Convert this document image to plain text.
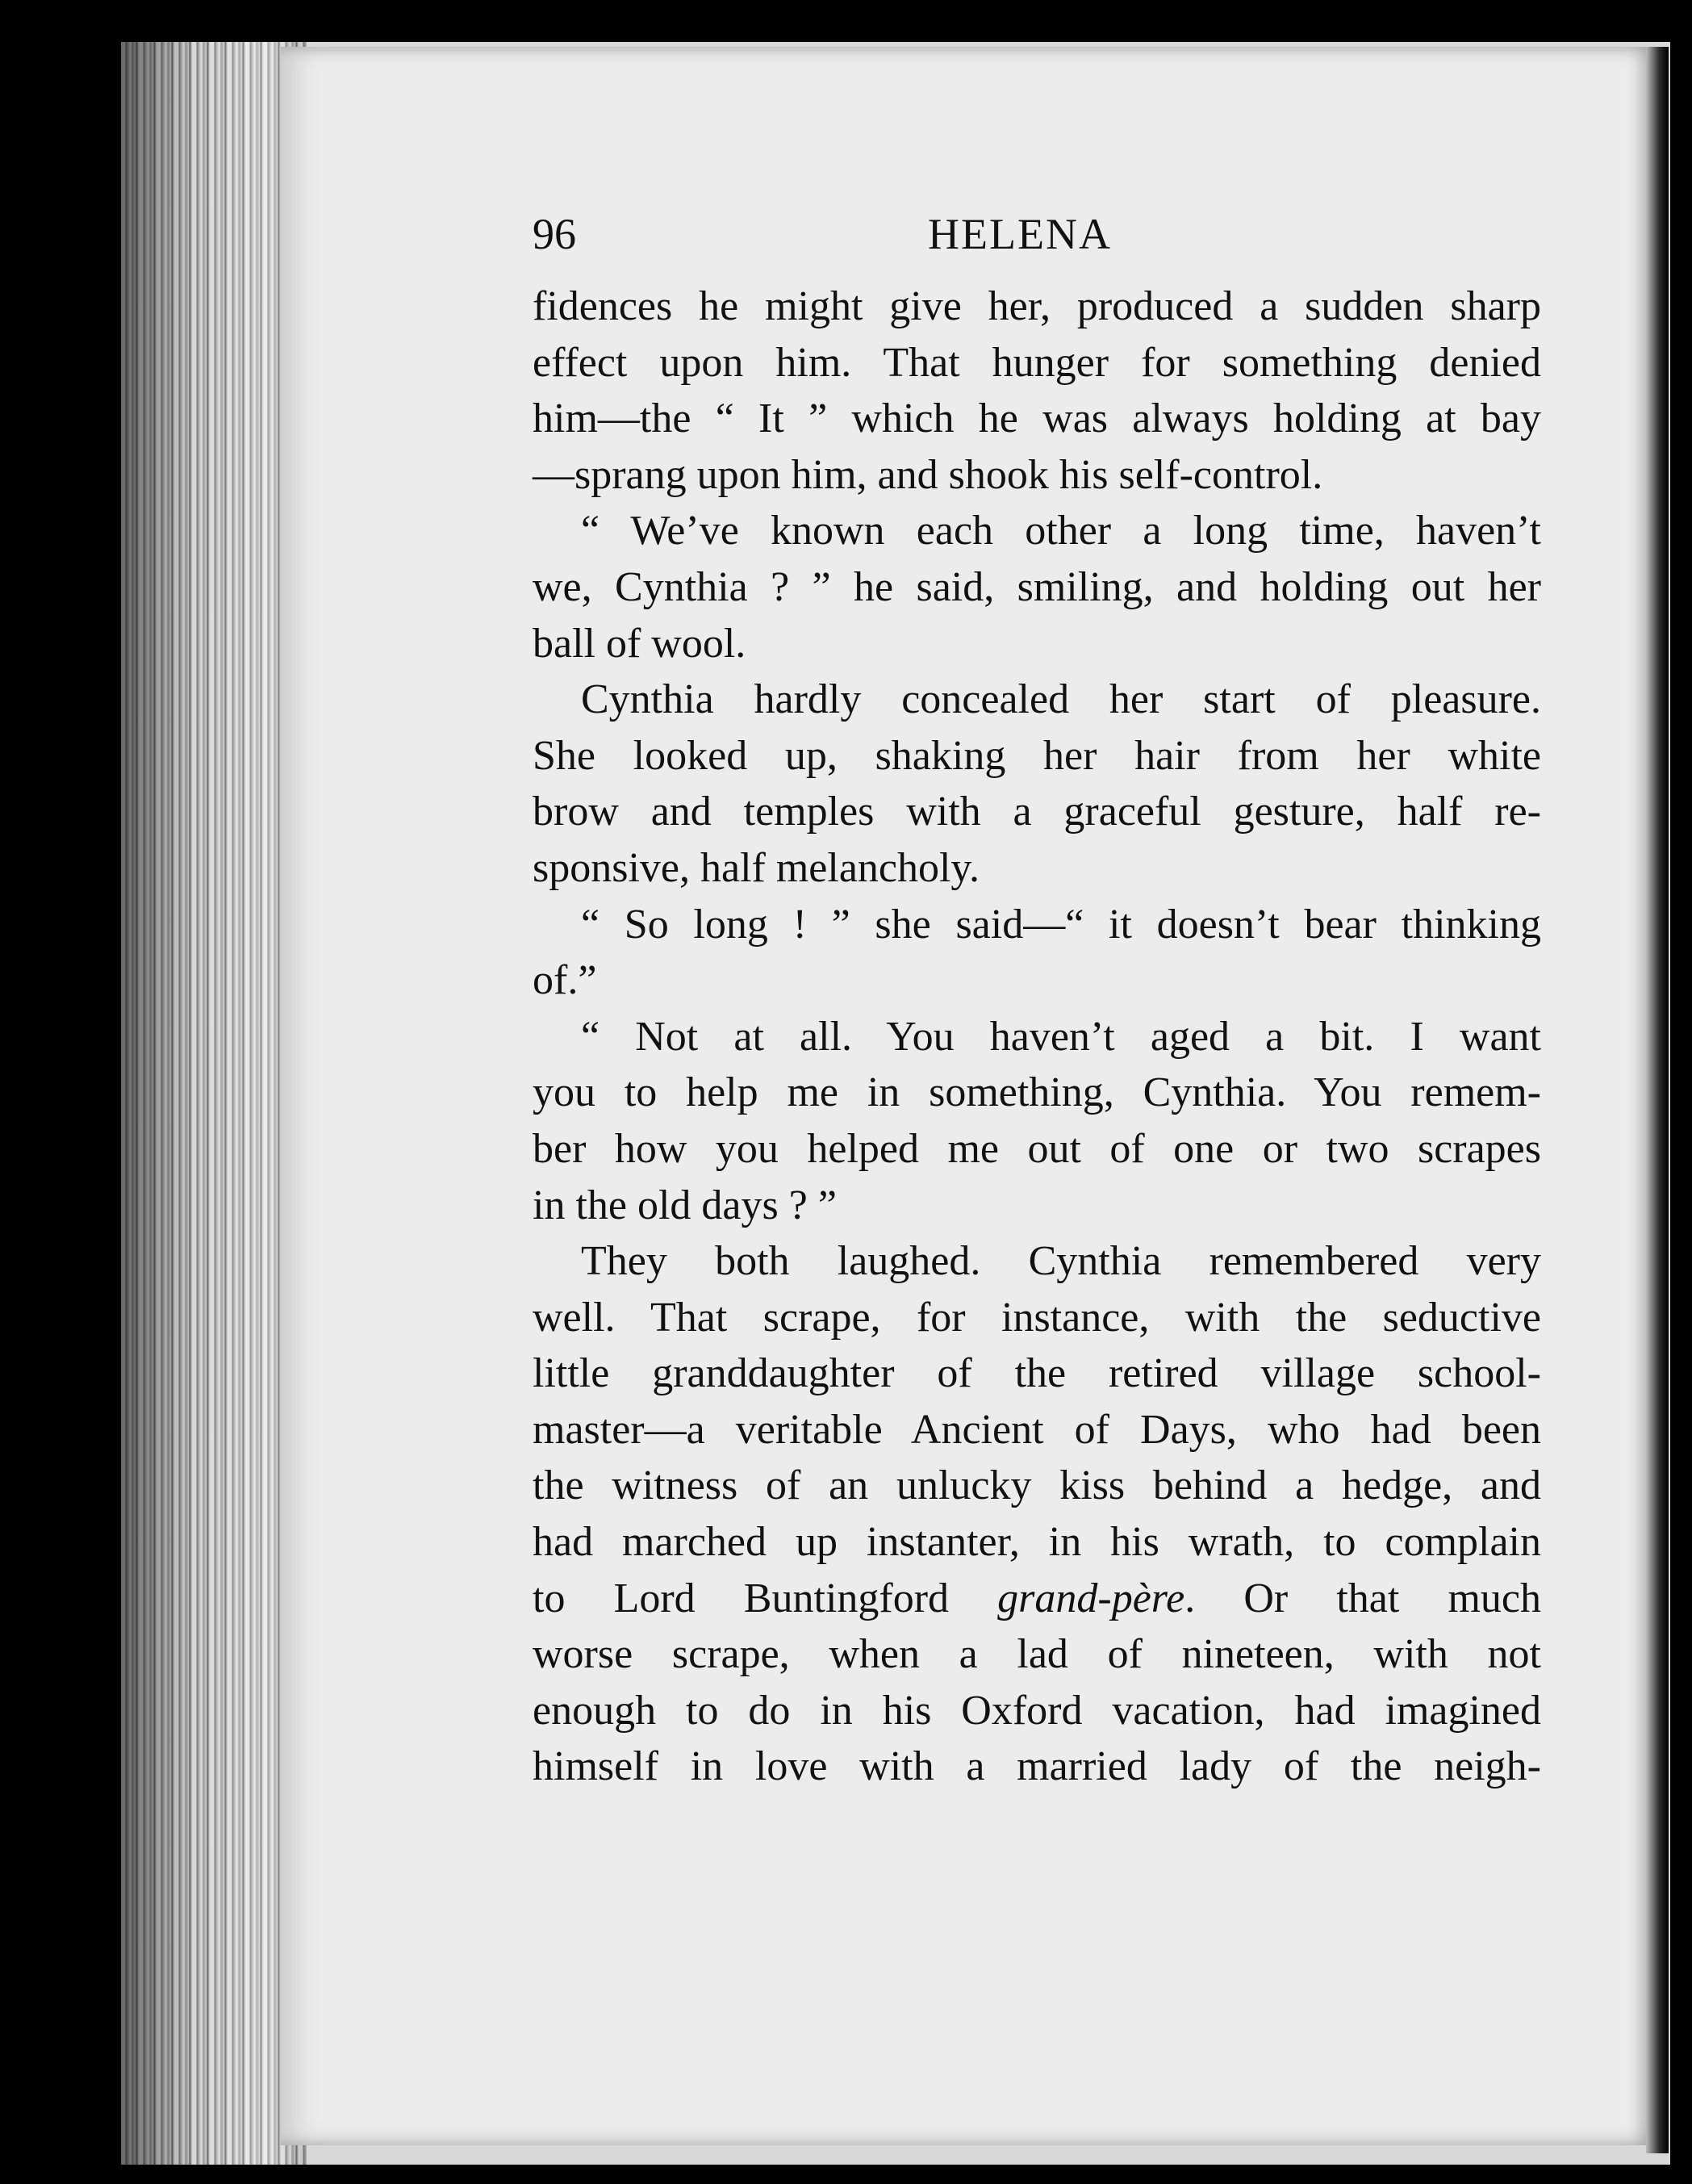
96	HELENA
fidences he might give her, produced a sudden sharp
effect upon him. That hunger for something denied
him—the “ It ” which he was always holding at bay
—sprang upon him, and shook his self-control.
“ We’ve known each other a long time, haven’t
we, Cynthia ? ” he said, smiling, and holding out her
ball of wool.
Cynthia hardly concealed her start of pleasure.
She looked up, shaking her hair from her white
brow and temples with a graceful gesture, half re-
sponsive, half melancholy.
“ So long ! ” she said—“ it doesn’t bear thinking
of.”
“ Not at all. You haven’t aged a bit. I want
you to help me in something, Cynthia. You remem-
ber how you helped me out of one or two scrapes
in the old days ? ”
They both laughed. Cynthia remembered very
well. That scrape, for instance, with the seductive
little granddaughter of the retired village school-
master—a veritable Ancient of Days, who had been
the witness of an unlucky kiss behind a hedge, and
had marched up instanter, in his wrath, to complain
to Lord Buntingford grand-père. Or that much
worse scrape, when a lad of nineteen, with not
enough to do in his Oxford vacation, had imagined
himself in love with a married lady of the neigh-
